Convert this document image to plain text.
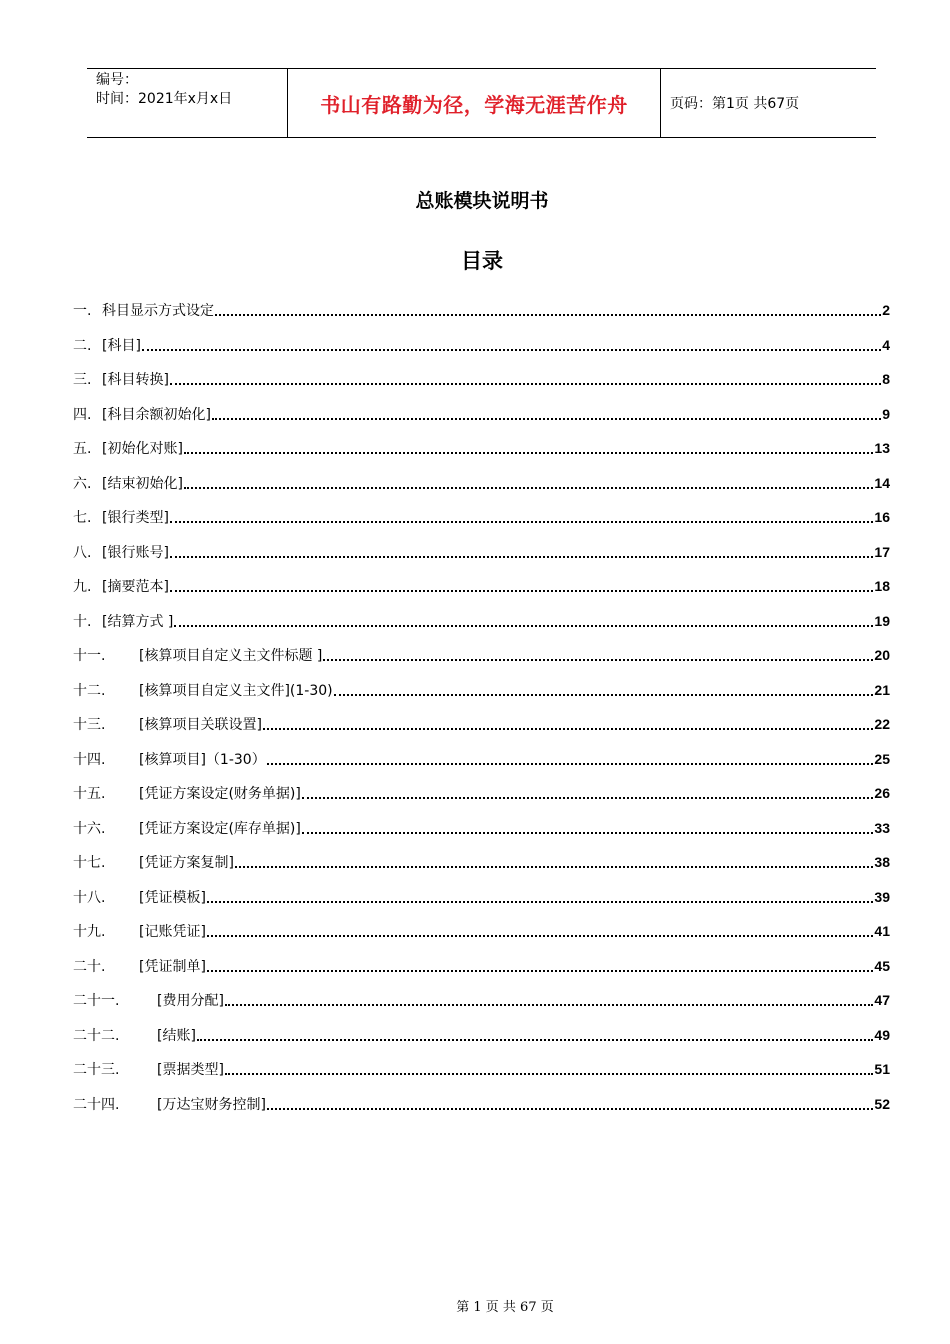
编号：
时间：2021年x月x日	书山有路勤为径，学海无涯苦作舟	页码：第1页 共67页
总账模块说明书
目录
一. 科目显示方式设定	2
二. [科目]	4
三. [科目转换]	8
四. [科目余额初始化]	9
五. [初始化对账]	13
六. [结束初始化]	14
七. [银行类型]	16
八. [银行账号]	17
九. [摘要范本]	18
十. [结算方式 ]	19
十一.	[核算项目自定义主文件标题 ]	20
十二.	[核算项目自定义主文件](1-30)	21
十三.	[核算项目关联设置]	22
十四.	[核算项目]（1-30）	25
十五.	[凭证方案设定(财务单据)]	26
十六.	[凭证方案设定(库存单据)]	33
十七.	[凭证方案复制]	38
十八.	[凭证模板]	39
十九.	[记账凭证]	41
二十.	[凭证制单]	45
二十一.	[费用分配]	47
二十二.	[结账]	49
二十三.	[票据类型]	51
二十四.	[万达宝财务控制]	52
第 1 页 共 67 页
